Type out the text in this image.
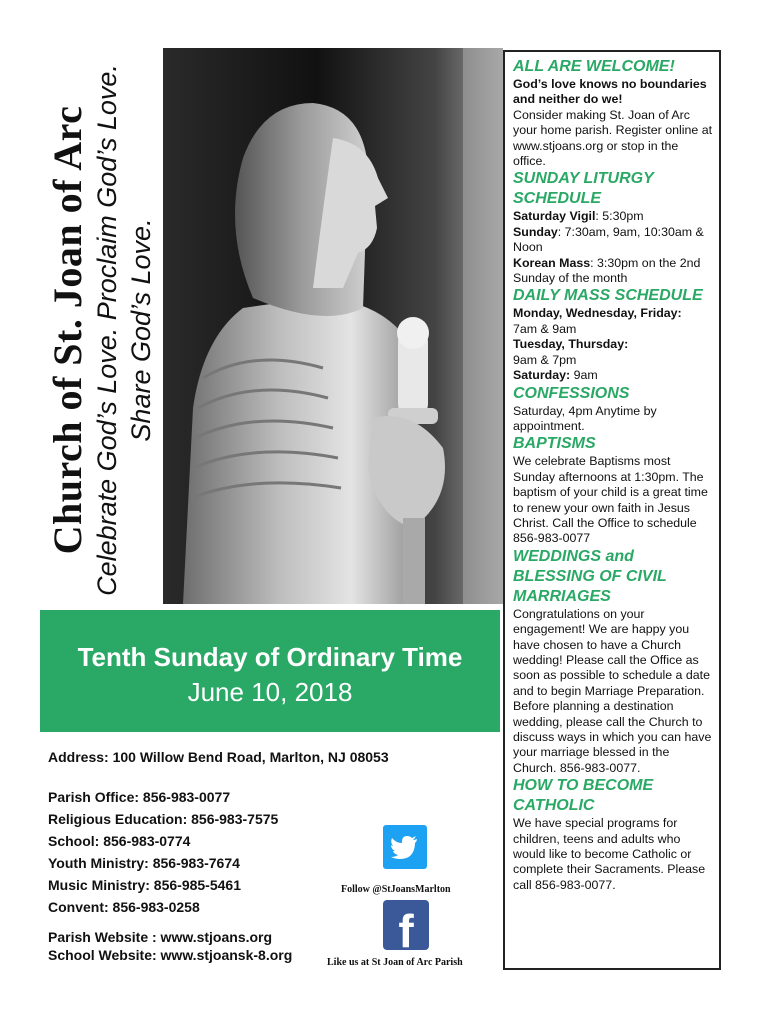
Church of St. Joan of Arc Celebrate God’s Love. Proclaim God’s Love. Share God’s Love.
Tenth Sunday of Ordinary Time
June 10, 2018
Address: 100 Willow Bend Road, Marlton, NJ 08053
Parish Office: 856-983-0077
Religious Education: 856-983-7575
School: 856-983-0774
Youth Ministry: 856-983-7674
Music Ministry: 856-985-5461
Convent: 856-983-0258
Parish Website : www.stjoans.org
School Website: www.stjoansk-8.org
Follow @StJoansMarlton
f
Like us at St Joan of Arc Parish
ALL ARE WELCOME!

God’s love knows no boundaries and neither do we!

Consider making St. Joan of Arc your home parish. Register online at www.stjoans.org or stop in the office.

SUNDAY LITURGY SCHEDULE

Saturday Vigil: 5:30pm

Sunday: 7:30am, 9am, 10:30am & Noon

Korean Mass: 3:30pm on the 2nd Sunday of the month

DAILY MASS SCHEDULE

Monday, Wednesday, Friday:

7am & 9am

Tuesday, Thursday:

9am & 7pm

Saturday: 9am

CONFESSIONS

Saturday, 4pm Anytime by appointment.

BAPTISMS

We celebrate Baptisms most Sunday afternoons at 1:30pm. The baptism of your child is a great time to renew your own faith in Jesus Christ. Call the Office to schedule 856-983-0077

WEDDINGS and BLESSING OF CIVIL MARRIAGES

Congratulations on your engagement! We are happy you have chosen to have a Church wedding! Please call the Office as soon as possible to schedule a date and to begin Marriage Preparation. Before planning a destination wedding, please call the Church to discuss ways in which you can have your marriage blessed in the Church. 856-983-0077.

HOW TO BECOME CATHOLIC

We have special programs for children, teens and adults who would like to become Catholic or complete their Sacraments. Please call 856-983-0077.
